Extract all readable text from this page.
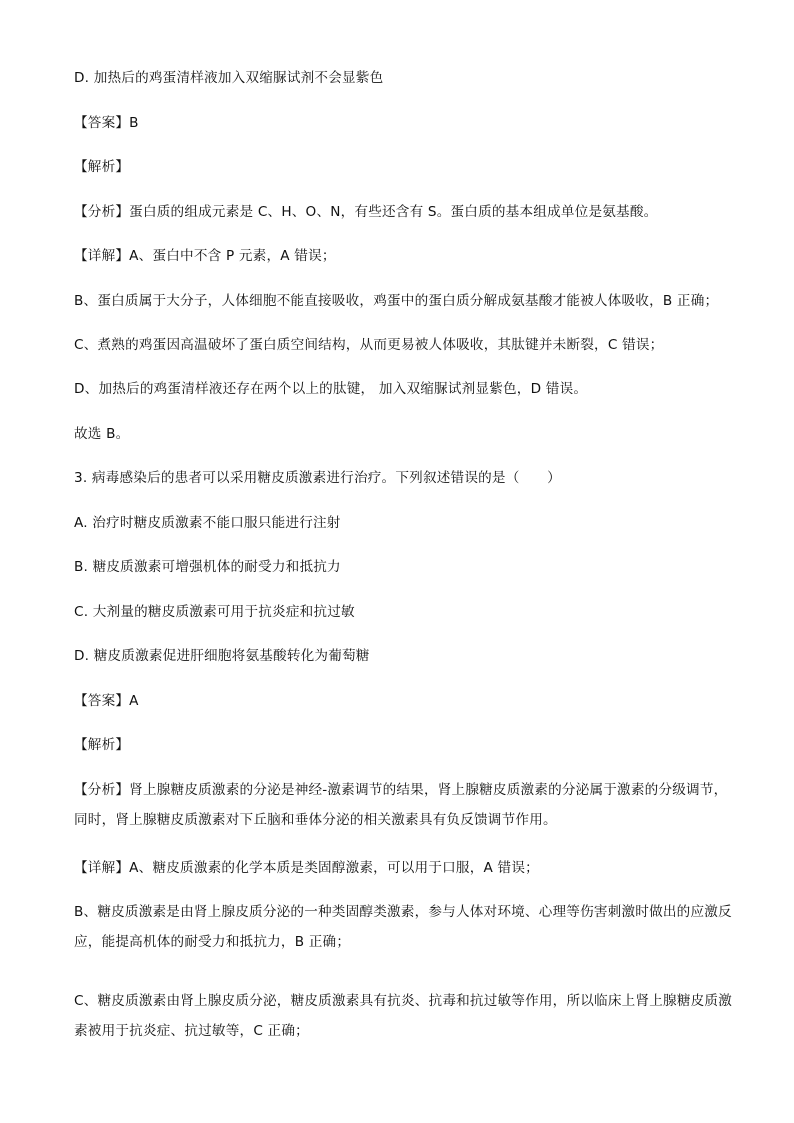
D. 加热后的鸡蛋清样液加入双缩脲试剂不会显紫色
【答案】B
【解析】
【分析】蛋白质的组成元素是 C、H、O、N，有些还含有 S。蛋白质的基本组成单位是氨基酸。
【详解】A、蛋白中不含 P 元素，A 错误；
B、蛋白质属于大分子，人体细胞不能直接吸收，鸡蛋中的蛋白质分解成氨基酸才能被人体吸收，B 正确；
C、煮熟的鸡蛋因高温破坏了蛋白质空间结构，从而更易被人体吸收，其肽键并未断裂，C 错误；
D、加热后的鸡蛋清样液还存在两个以上的肽键， 加入双缩脲试剂显紫色，D 错误。
故选 B。
3. 病毒感染后的患者可以采用糖皮质激素进行治疗。下列叙述错误的是（　　）
A. 治疗时糖皮质激素不能口服只能进行注射
B. 糖皮质激素可增强机体的耐受力和抵抗力
C. 大剂量的糖皮质激素可用于抗炎症和抗过敏
D. 糖皮质激素促进肝细胞将氨基酸转化为葡萄糖
【答案】A
【解析】
【分析】肾上腺糖皮质激素的分泌是神经-激素调节的结果，肾上腺糖皮质激素的分泌属于激素的分级调节，同时，肾上腺糖皮质激素对下丘脑和垂体分泌的相关激素具有负反馈调节作用。
【详解】A、糖皮质激素的化学本质是类固醇激素，可以用于口服，A 错误；
B、糖皮质激素是由肾上腺皮质分泌的一种类固醇类激素，参与人体对环境、心理等伤害刺激时做出的应激反应，能提高机体的耐受力和抵抗力，B 正确；
C、糖皮质激素由肾上腺皮质分泌，糖皮质激素具有抗炎、抗毒和抗过敏等作用，所以临床上肾上腺糖皮质激素被用于抗炎症、抗过敏等，C 正确；
